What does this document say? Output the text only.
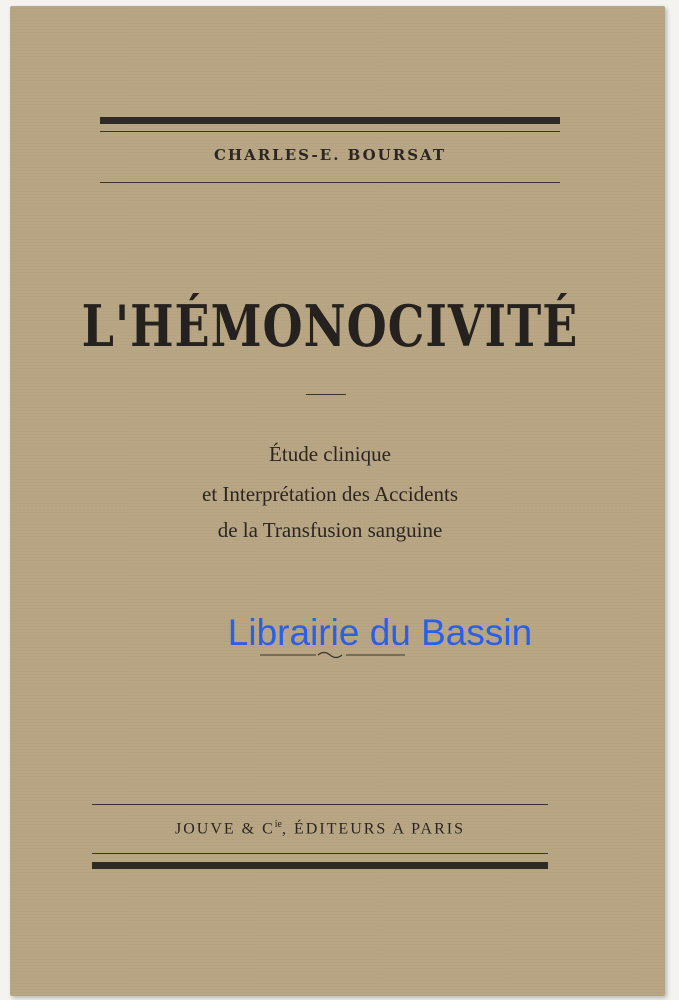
CHARLES-E. BOURSAT
L'HÉMONOCIVITÉ
Étude clinique
et Interprétation des Accidents
de la Transfusion sanguine
Librairie du Bassin
JOUVE & $C^{ie}$, ÉDITEURS A PARIS
